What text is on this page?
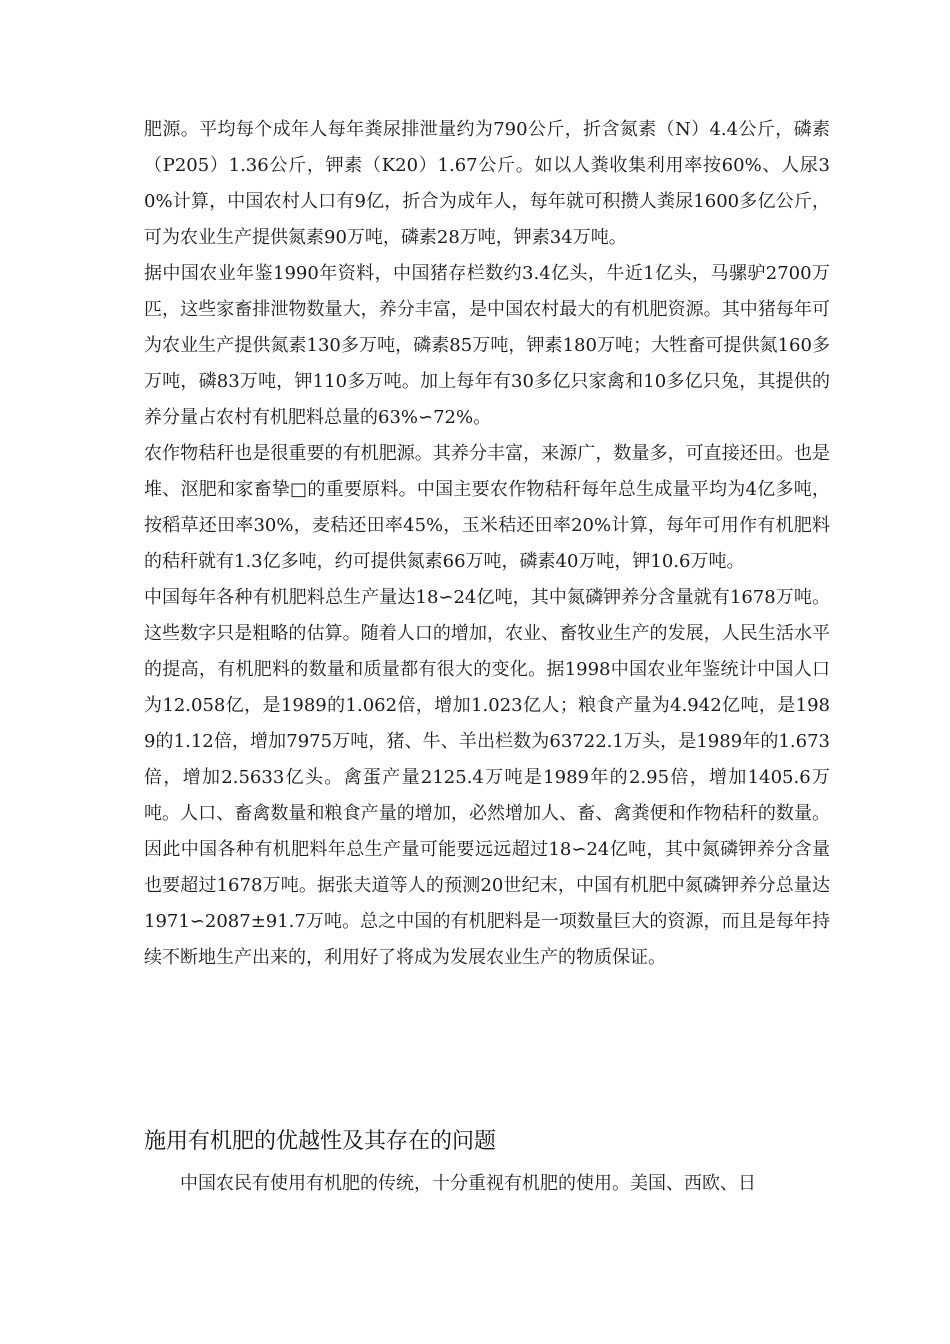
肥源。平均每个成年人每年粪尿排泄量约为790公斤，折含氮素（N）4.4公斤，磷素（P205）1.36公斤，钾素（K20）1.67公斤。如以人粪收集利用率按60%、人尿30%计算，中国农村人口有9亿，折合为成年人，每年就可积攒人粪尿1600多亿公斤，可为农业生产提供氮素90万吨，磷素28万吨，钾素34万吨。

据中国农业年鉴1990年资料，中国猪存栏数约3.4亿头，牛近1亿头，马骡驴2700万匹，这些家畜排泄物数量大，养分丰富，是中国农村最大的有机肥资源。其中猪每年可为农业生产提供氮素130多万吨，磷素85万吨，钾素180万吨；大牲畜可提供氮160多万吨，磷83万吨，钾110多万吨。加上每年有30多亿只家禽和10多亿只兔，其提供的养分量占农村有机肥料总量的63%∽72%。

农作物秸秆也是很重要的有机肥源。其养分丰富，来源广，数量多，可直接还田。也是堆、沤肥和家畜挚□的重要原料。中国主要农作物秸秆每年总生成量平均为4亿多吨，按稻草还田率30%，麦秸还田率45%，玉米秸还田率20%计算，每年可用作有机肥料的秸秆就有1.3亿多吨，约可提供氮素66万吨，磷素40万吨，钾10.6万吨。

中国每年各种有机肥料总生产量达18∽24亿吨，其中氮磷钾养分含量就有1678万吨。这些数字只是粗略的估算。随着人口的增加，农业、畜牧业生产的发展，人民生活水平的提高，有机肥料的数量和质量都有很大的变化。据1998中国农业年鉴统计中国人口为12.058亿，是1989的1.062倍，增加1.023亿人；粮食产量为4.942亿吨，是1989的1.12倍，增加7975万吨，猪、牛、羊出栏数为63722.1万头，是1989年的1.673倍，增加2.5633亿头。禽蛋产量2125.4万吨是1989年的2.95倍，增加1405.6万吨。人口、畜禽数量和粮食产量的增加，必然增加人、畜、禽粪便和作物秸秆的数量。因此中国各种有机肥料年总生产量可能要远远超过18∽24亿吨，其中氮磷钾养分含量也要超过1678万吨。据张夫道等人的预测20世纪末，中国有机肥中氮磷钾养分总量达1971∽2087±91.7万吨。总之中国的有机肥料是一项数量巨大的资源，而且是每年持续不断地生产出来的，利用好了将成为发展农业生产的物质保证。

施用有机肥的优越性及其存在的问题

中国农民有使用有机肥的传统，十分重视有机肥的使用。美国、西欧、日
